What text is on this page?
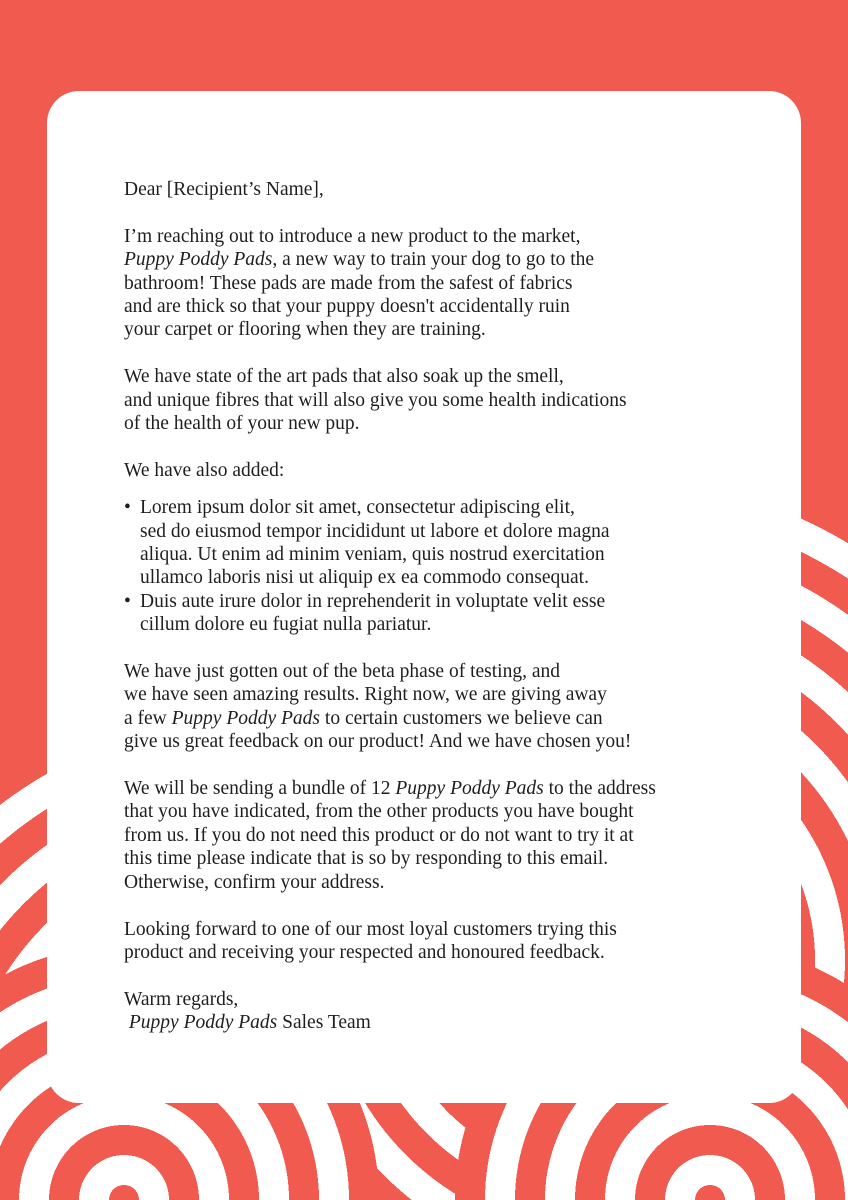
Dear [Recipient’s Name],
I’m reaching out to introduce a new product to the market,
Puppy Poddy Pads, a new way to train your dog to go to the
bathroom! These pads are made from the safest of fabrics
and are thick so that your puppy doesn't accidentally ruin
your carpet or flooring when they are training.
We have state of the art pads that also soak up the smell,
and unique fibres that will also give you some health indications
of the health of your new pup.
We have also added:
• Lorem ipsum dolor sit amet, consectetur adipiscing elit,
sed do eiusmod tempor incididunt ut labore et dolore magna
aliqua. Ut enim ad minim veniam, quis nostrud exercitation
ullamco laboris nisi ut aliquip ex ea commodo consequat.
• Duis aute irure dolor in reprehenderit in voluptate velit esse
cillum dolore eu fugiat nulla pariatur.
We have just gotten out of the beta phase of testing, and
we have seen amazing results. Right now, we are giving away
a few Puppy Poddy Pads to certain customers we believe can
give us great feedback on our product! And we have chosen you!
We will be sending a bundle of 12 Puppy Poddy Pads to the address
that you have indicated, from the other products you have bought
from us. If you do not need this product or do not want to try it at
this time please indicate that is so by responding to this email.
Otherwise, confirm your address.
Looking forward to one of our most loyal customers trying this
product and receiving your respected and honoured feedback.
Warm regards,
Puppy Poddy Pads Sales Team
